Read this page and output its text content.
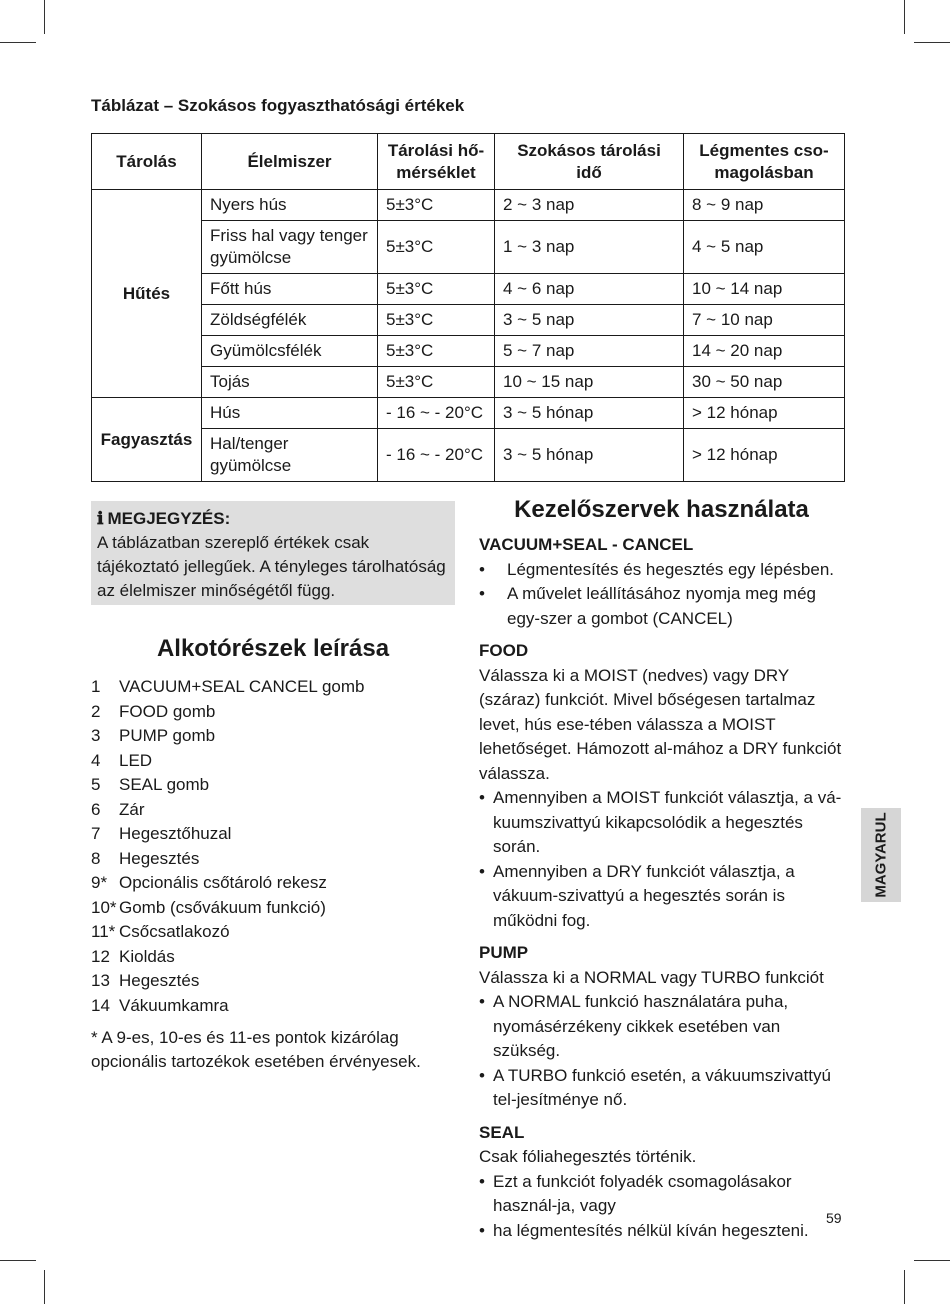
Táblázat – Szokásos fogyaszthatósági értékek
Tárolás	Élelmiszer	Tárolási hő-mérséklet	Szokásos tárolási idő	Légmentes cso-magolásban
Hűtés	Nyers hús	5±3°C	2 ~ 3 nap	8 ~ 9 nap
	Friss hal vagy tenger gyümölcse	5±3°C	1 ~ 3 nap	4 ~ 5 nap
	Főtt hús	5±3°C	4 ~ 6 nap	10 ~ 14 nap
	Zöldségfélék	5±3°C	3 ~ 5 nap	7 ~ 10 nap
	Gyümölcsfélék	5±3°C	5 ~ 7 nap	14 ~ 20 nap
	Tojás	5±3°C	10 ~ 15 nap	30 ~ 50 nap
Fagyasztás	Hús	- 16 ~ - 20°C	3 ~ 5 hónap	> 12 hónap
	Hal/tenger gyümölcse	- 16 ~ - 20°C	3 ~ 5 hónap	> 12 hónap
ℹ MEGJEGYZÉS:
A táblázatban szereplő értékek csak tájékoztató jellegűek. A tényleges tárolhatóság az élelmiszer minőségétől függ.
Alkotórészek leírása
1	VACUUM+SEAL CANCEL gomb
2	FOOD gomb
3	PUMP gomb
4	LED
5	SEAL gomb
6	Zár
7	Hegesztőhuzal
8	Hegesztés
9* Opcionális csőtároló rekesz
10* Gomb (csővákuum funkció)
11* Csőcsatlakozó
12 Kioldás
13 Hegesztés
14 Vákuumkamra
* A 9-es, 10-es és 11-es pontok kizárólag opcionális tartozékok esetében érvényesek.
Kezelőszervek használata
VACUUM+SEAL - CANCEL
•	Légmentesítés és hegesztés egy lépésben.
•	A művelet leállításához nyomja meg még egy-szer a gombot (CANCEL)
FOOD
Válassza ki a MOIST (nedves) vagy DRY (száraz) funkciót. Mivel bőségesen tartalmaz levet, hús ese-tében válassza a MOIST lehetőséget. Hámozott al-mához a DRY funkciót válassza.
• Amennyiben a MOIST funkciót választja, a vá-kuumszivattyú kikapcsolódik a hegesztés során.
• Amennyiben a DRY funkciót választja, a vákuum-szivattyú a hegesztés során is működni fog.
PUMP
Válassza ki a NORMAL vagy TURBO funkciót
• A NORMAL funkció használatára puha, nyomásérzékeny cikkek esetében van szükség.
• A TURBO funkció esetén, a vákuumszivattyú tel-jesítménye nő.
SEAL
Csak fóliahegesztés történik.
• Ezt a funkciót folyadék csomagolásakor használ-ja, vagy
• ha légmentesítés nélkül kíván hegeszteni.
MAGYARUL
59
